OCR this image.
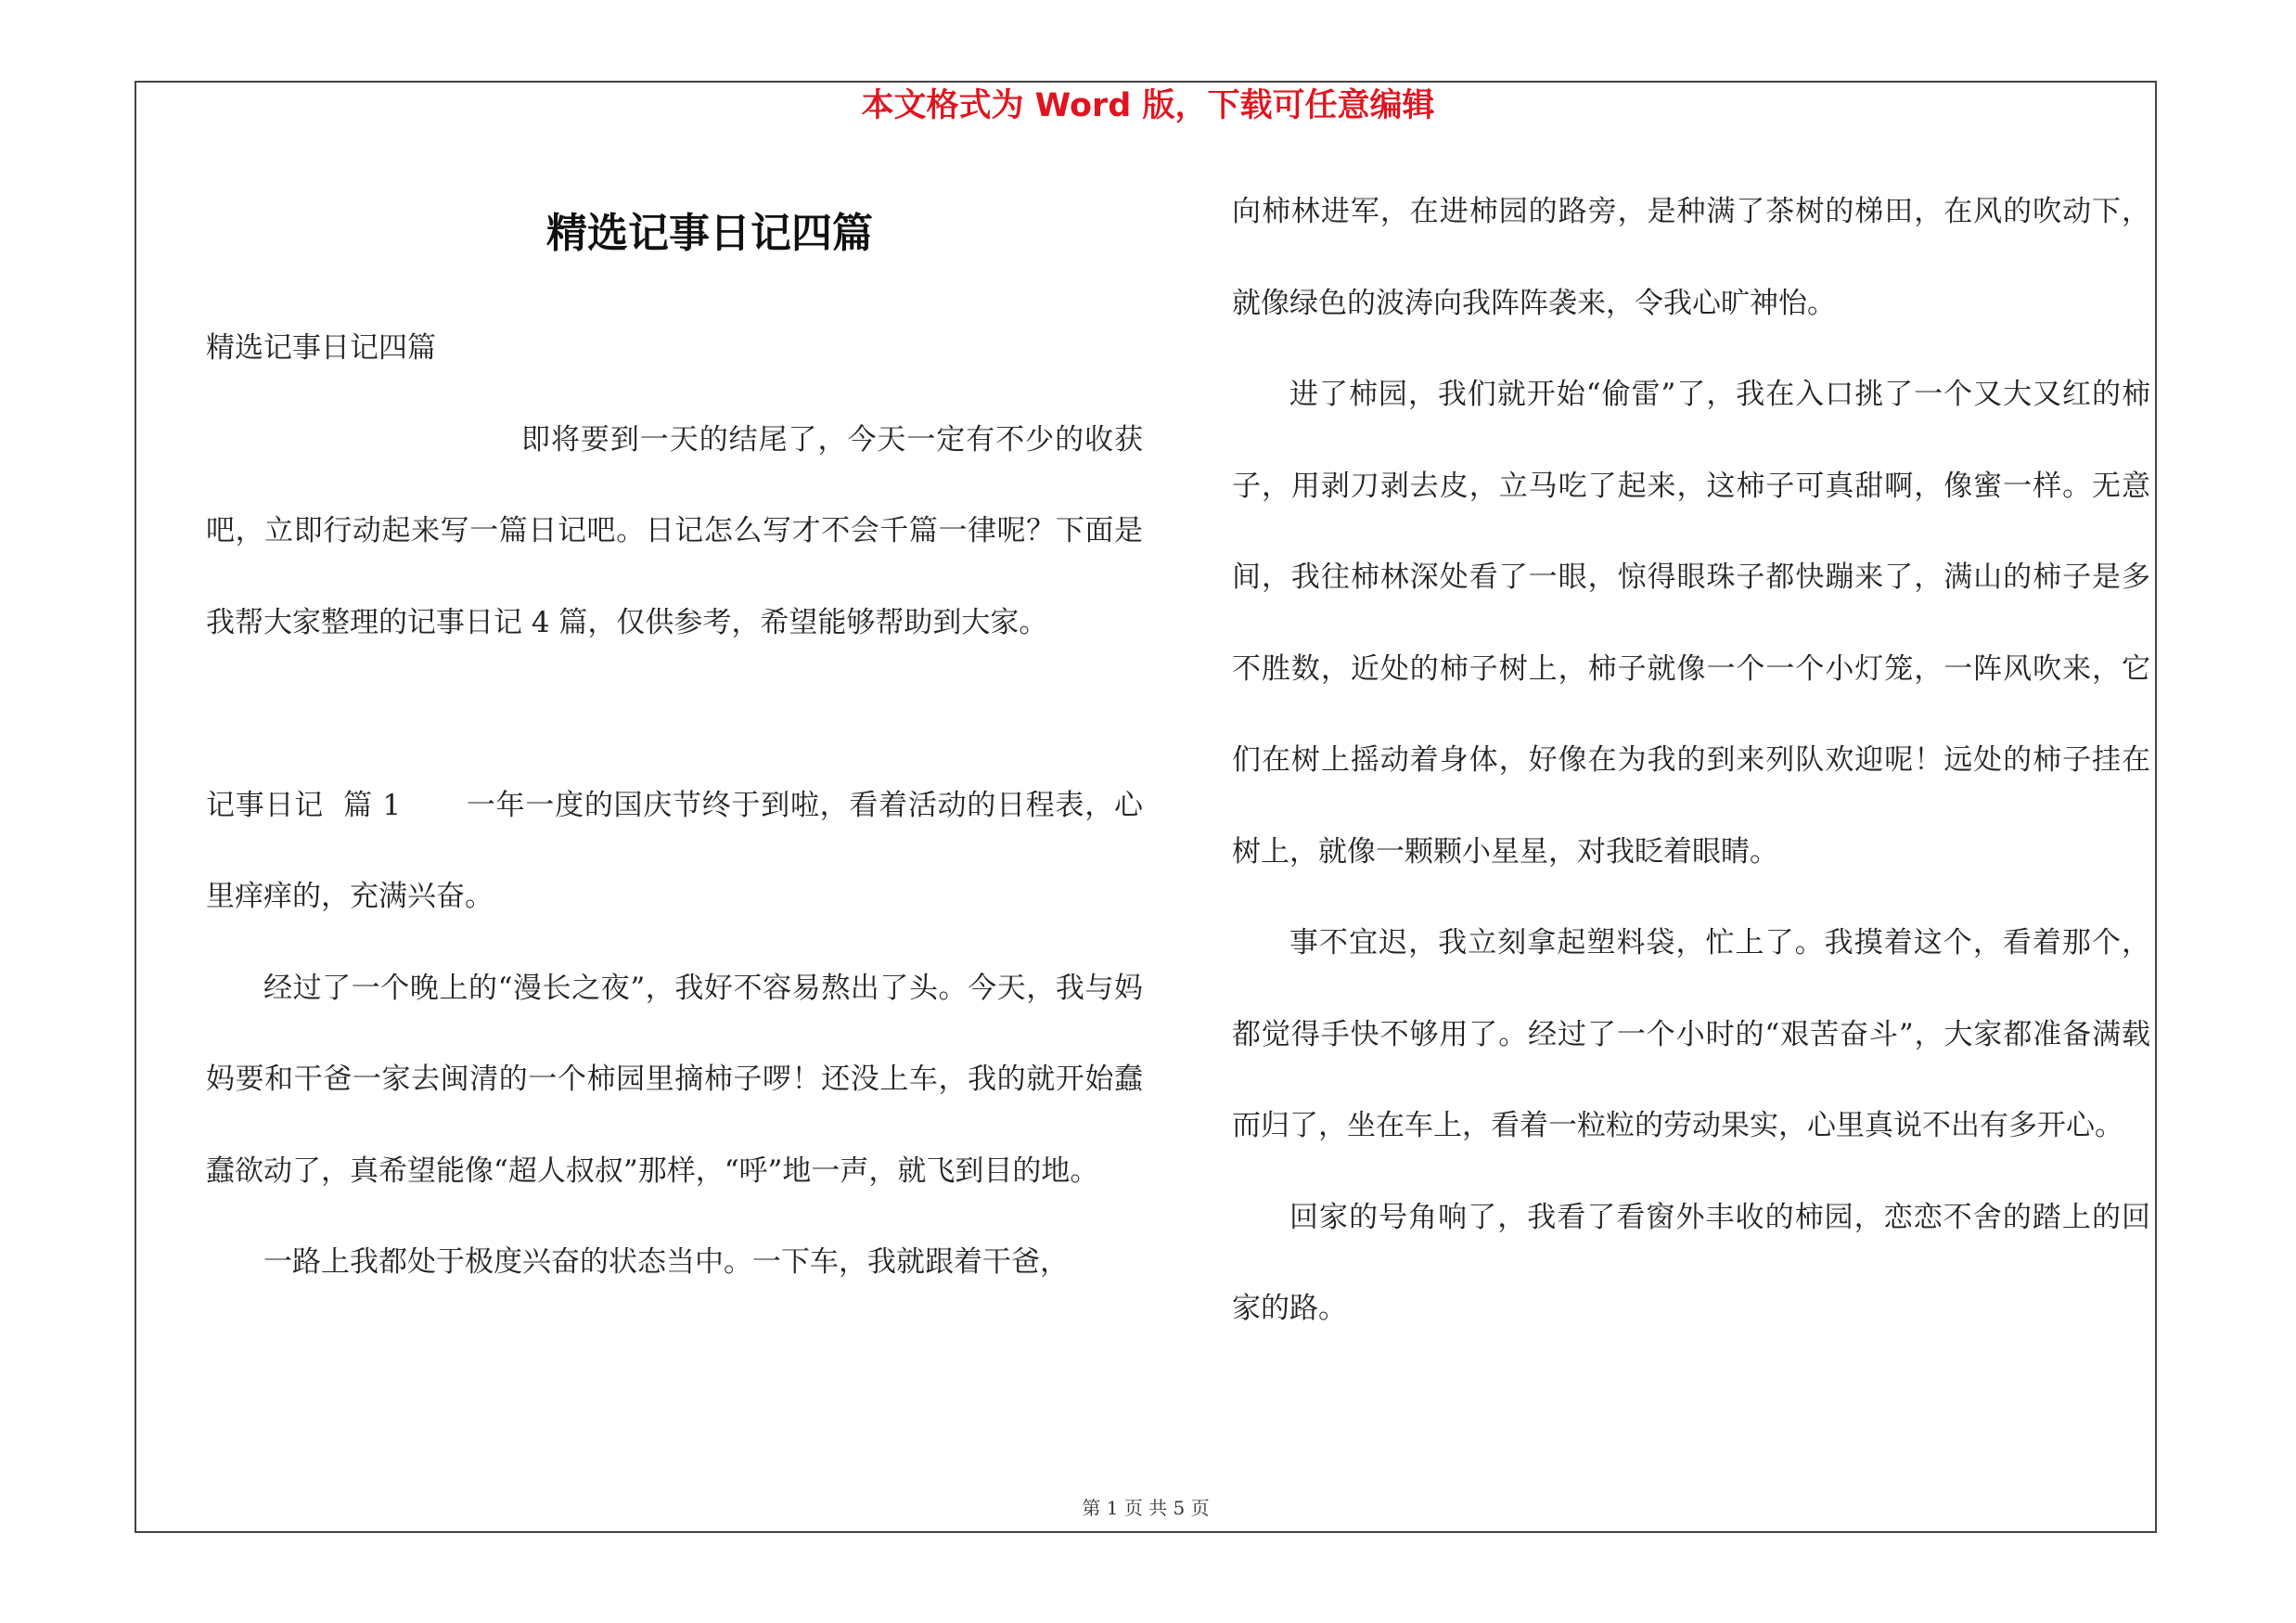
本文格式为 Word 版，下载可任意编辑
精选记事日记四篇

精选记事日记四篇

即将要到一天的结尾了，今天一定有不少的收获吧，立即行动起来写一篇日记吧。日记怎么写才不会千篇一律呢？下面是我帮大家整理的记事日记 4 篇，仅供参考，希望能够帮助到大家。

记事日记  篇 1 一年一度的国庆节终于到啦，看着活动的日程表，心里痒痒的，充满兴奋。

经过了一个晚上的“漫长之夜”，我好不容易熬出了头。今天，我与妈妈要和干爸一家去闽清的一个柿园里摘柿子啰！还没上车，我的就开始蠢蠢欲动了，真希望能像“超人叔叔”那样，“呼”地一声，就飞到目的地。

一路上我都处于极度兴奋的状态当中。一下车，我就跟着干爸，

向柿林进军，在进柿园的路旁，是种满了茶树的梯田，在风的吹动下，就像绿色的波涛向我阵阵袭来，令我心旷神怡。

进了柿园，我们就开始“偷雷”了，我在入口挑了一个又大又红的柿子，用剥刀剥去皮，立马吃了起来，这柿子可真甜啊，像蜜一样。无意间，我往柿林深处看了一眼，惊得眼珠子都快蹦来了，满山的柿子是多不胜数，近处的柿子树上，柿子就像一个一个小灯笼，一阵风吹来，它们在树上摇动着身体，好像在为我的到来列队欢迎呢！远处的柿子挂在树上，就像一颗颗小星星，对我眨着眼睛。

事不宜迟，我立刻拿起塑料袋，忙上了。我摸着这个，看着那个，都觉得手快不够用了。经过了一个小时的“艰苦奋斗”，大家都准备满载而归了，坐在车上，看着一粒粒的劳动果实，心里真说不出有多开心。

回家的号角响了，我看了看窗外丰收的柿园，恋恋不舍的踏上的回家的路。

第 1 页 共 5 页
